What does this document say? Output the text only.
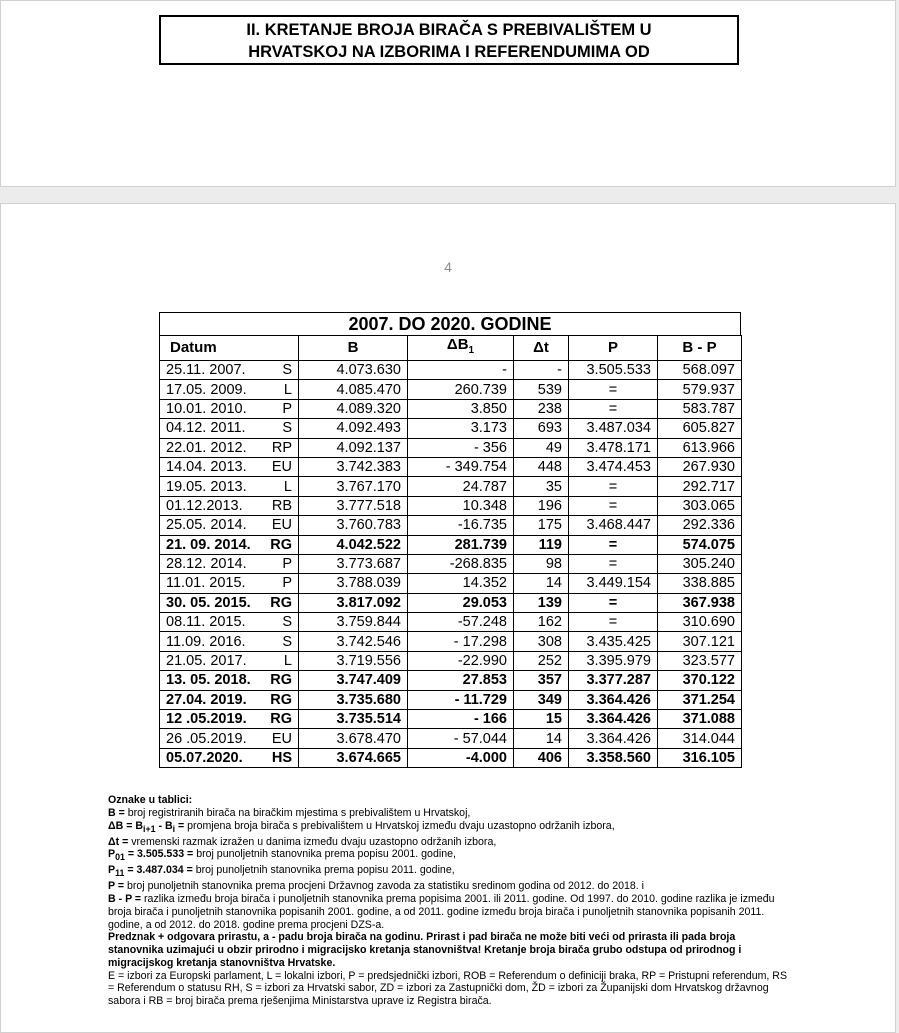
II. KRETANJE BROJA BIRAČA S PREBIVALIŠTEM U
HRVATSKOJ NA IZBORIMA I REFERENDUMIMA OD
4
2007. DO 2020. GODINE
Datum	B	$\Delta B_1$	Δt	P	B - P

25.11. 2007. S	4.073.630	-	-	3.505.533	568.097

17.05. 2009. L	4.085.470	260.739	539	=	579.937

10.01. 2010. P	4.089.320	3.850	238	=	583.787

04.12. 2011. S	4.092.493	3.173	693	3.487.034	605.827

22.01. 2012. RP	4.092.137	- 356	49	3.478.171	613.966

14.04. 2013. EU	3.742.383	- 349.754	448	3.474.453	267.930

19.05. 2013. L	3.767.170	24.787	35	=	292.717

01.12.2013. RB	3.777.518	10.348	196	=	303.065

25.05. 2014. EU	3.760.783	-16.735	175	3.468.447	292.336

21. 09. 2014. RG	4.042.522	281.739	119	=	574.075

28.12. 2014. P	3.773.687	-268.835	98	=	305.240

11.01. 2015. P	3.788.039	14.352	14	3.449.154	338.885

30. 05. 2015. RG	3.817.092	29.053	139	=	367.938

08.11. 2015. S	3.759.844	-57.248	162	=	310.690

11.09. 2016. S	3.742.546	- 17.298	308	3.435.425	307.121

21.05. 2017. L	3.719.556	-22.990	252	3.395.979	323.577

13. 05. 2018. RG	3.747.409	27.853	357	3.377.287	370.122

27.04. 2019. RG	3.735.680	- 11.729	349	3.364.426	371.254

12 .05.2019. RG	3.735.514	- 166	15	3.364.426	371.088

26 .05.2019. EU	3.678.470	- 57.044	14	3.364.426	314.044

05.07.2020. HS	3.674.665	-4.000	406	3.358.560	316.105

Oznake u tablici:

B = broj registriranih birača na biračkim mjestima s prebivalištem u Hrvatskoj,

$\Delta B = B_{i+1} - B_i$ = promjena broja birača s prebivalištem u Hrvatskoj između dvaju uzastopno održanih izbora,

Δt = vremenski razmak izražen u danima između dvaju uzastopno održanih izbora,

$P_{01} = 3.505.533$ = broj punoljetnih stanovnika prema popisu 2001. godine,

$P_{11} = 3.487.034$ = broj punoljetnih stanovnika prema popisu 2011. godine,

P = broj punoljetnih stanovnika prema procjeni Državnog zavoda za statistiku sredinom godina od 2012. do 2018. i

B - P = razlika između broja birača i punoljetnih stanovnika prema popisima 2001. ili 2011. godine. Od 1997. do 2010. godine razlika je između broja birača i punoljetnih stanovnika popisanih 2001. godine, a od 2011. godine između broja birača i punoljetnih stanovnika popisanih 2011. godine, a od 2012. do 2018. godine prema procjeni DZS-a.

Predznak + odgovara prirastu, a - padu broja birača na godinu. Prirast i pad birača ne može biti veći od prirasta ili pada broja stanovnika uzimajući u obzir prirodno i migracijsko kretanja stanovništva! Kretanje broja birača grubo odstupa od prirodnog i migracijskog kretanja stanovništva Hrvatske.

E = izbori za Europski parlament, L = lokalni izbori, P = predsjednički izbori, ROB = Referendum o definiciji braka, RP = Pristupni referendum, RS = Referendum o statusu RH, S = izbori za Hrvatski sabor, ZD = izbori za Zastupnički dom, ŽD = izbori za Županijski dom Hrvatskog državnog sabora i RB = broj birača prema rješenjima Ministarstva uprave iz Registra birača.
